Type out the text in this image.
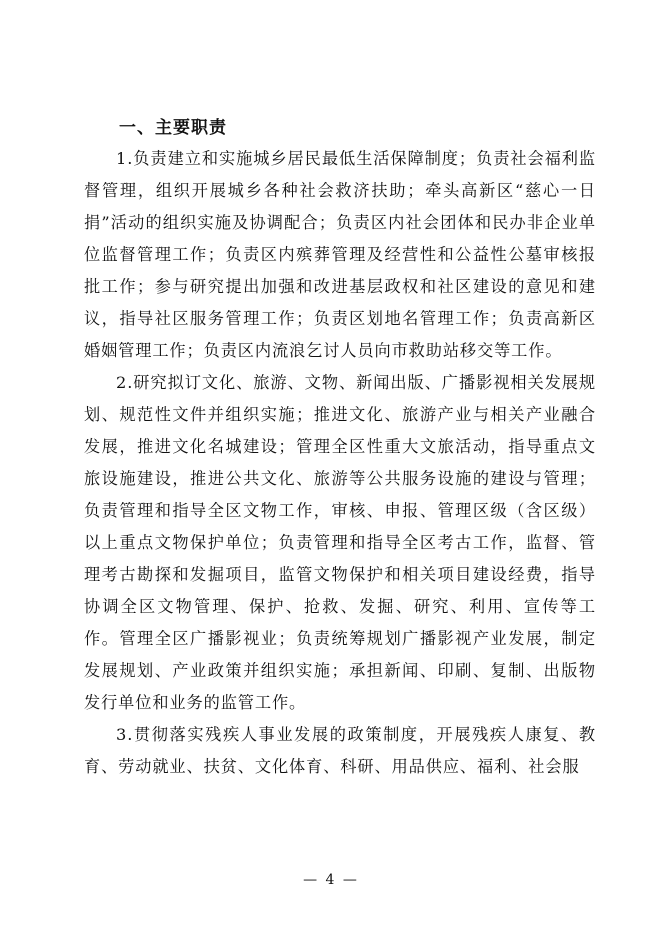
一、主要职责

1.负责建立和实施城乡居民最低生活保障制度；负责社会福利监督管理，组织开展城乡各种社会救济扶助；牵头高新区“慈心一日捐”活动的组织实施及协调配合；负责区内社会团体和民办非企业单位监督管理工作；负责区内殡葬管理及经营性和公益性公墓审核报批工作；参与研究提出加强和改进基层政权和社区建设的意见和建议，指导社区服务管理工作；负责区划地名管理工作；负责高新区婚姻管理工作；负责区内流浪乞讨人员向市救助站移交等工作。

2.研究拟订文化、旅游、文物、新闻出版、广播影视相关发展规划、规范性文件并组织实施；推进文化、旅游产业与相关产业融合发展，推进文化名城建设；管理全区性重大文旅活动，指导重点文旅设施建设，推进公共文化、旅游等公共服务设施的建设与管理；负责管理和指导全区文物工作，审核、申报、管理区级（含区级）以上重点文物保护单位；负责管理和指导全区考古工作，监督、管理考古勘探和发掘项目，监管文物保护和相关项目建设经费，指导协调全区文物管理、保护、抢救、发掘、研究、利用、宣传等工作。管理全区广播影视业；负责统筹规划广播影视产业发展，制定发展规划、产业政策并组织实施；承担新闻、印刷、复制、出版物发行单位和业务的监管工作。

3.贯彻落实残疾人事业发展的政策制度，开展残疾人康复、教育、劳动就业、扶贫、文化体育、科研、用品供应、福利、社会服

— 4 —
